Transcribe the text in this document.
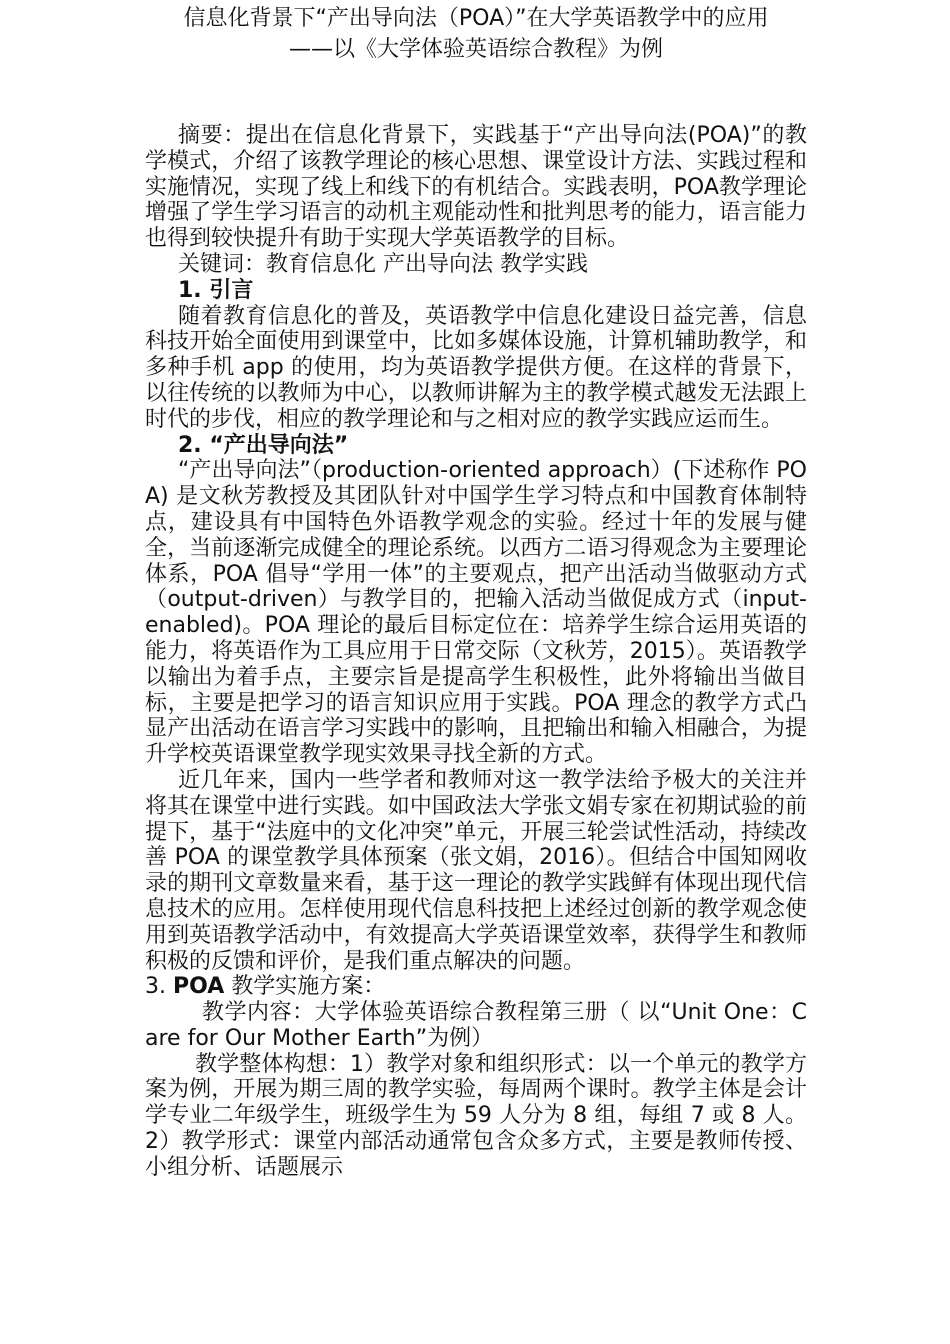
信息化背景下“产出导向法（POA）”在大学英语教学中的应用
——以《大学体验英语综合教程》为例

摘要：提出在信息化背景下，实践基于“产出导向法(POA)”的教学模式，介绍了该教学理论的核心思想、课堂设计方法、实践过程和实施情况，实现了线上和线下的有机结合。实践表明，POA教学理论增强了学生学习语言的动机主观能动性和批判思考的能力，语言能力也得到较快提升有助于实现大学英语教学的目标。

关键词：教育信息化 产出导向法 教学实践

1. 引言

随着教育信息化的普及，英语教学中信息化建设日益完善，信息科技开始全面使用到课堂中，比如多媒体设施，计算机辅助教学，和多种手机 app 的使用，均为英语教学提供方便。在这样的背景下，以往传统的以教师为中心，以教师讲解为主的教学模式越发无法跟上时代的步伐，相应的教学理论和与之相对应的教学实践应运而生。

2. “产出导向法”

“产出导向法”（production-oriented approach）(下述称作 POA) 是文秋芳教授及其团队针对中国学生学习特点和中国教育体制特点，建设具有中国特色外语教学观念的实验。经过十年的发展与健全，当前逐渐完成健全的理论系统。以西方二语习得观念为主要理论体系，POA 倡导“学用一体”的主要观点，把产出活动当做驱动方式（output-driven）与教学目的，把输入活动当做促成方式（input-enabled)。POA 理论的最后目标定位在：培养学生综合运用英语的能力，将英语作为工具应用于日常交际（文秋芳，2015）。英语教学以输出为着手点，主要宗旨是提高学生积极性，此外将输出当做目标，主要是把学习的语言知识应用于实践。POA 理念的教学方式凸显产出活动在语言学习实践中的影响，且把输出和输入相融合，为提升学校英语课堂教学现实效果寻找全新的方式。

近几年来，国内一些学者和教师对这一教学法给予极大的关注并将其在课堂中进行实践。如中国政法大学张文娟专家在初期试验的前提下，基于“法庭中的文化冲突”单元，开展三轮尝试性活动，持续改善 POA 的课堂教学具体预案（张文娟，2016）。但结合中国知网收录的期刊文章数量来看，基于这一理论的教学实践鲜有体现出现代信息技术的应用。怎样使用现代信息科技把上述经过创新的教学观念使用到英语教学活动中，有效提高大学英语课堂效率，获得学生和教师积极的反馈和评价，是我们重点解决的问题。

3. POA 教学实施方案：

教学内容：大学体验英语综合教程第三册（ 以“Unit One：Care for Our Mother Earth”为例）

教学整体构想：1）教学对象和组织形式：以一个单元的教学方案为例，开展为期三周的教学实验，每周两个课时。教学主体是会计学专业二年级学生，班级学生为 59 人分为 8 组，每组 7 或 8 人。2）教学形式：课堂内部活动通常包含众多方式，主要是教师传授、小组分析、话题展示
